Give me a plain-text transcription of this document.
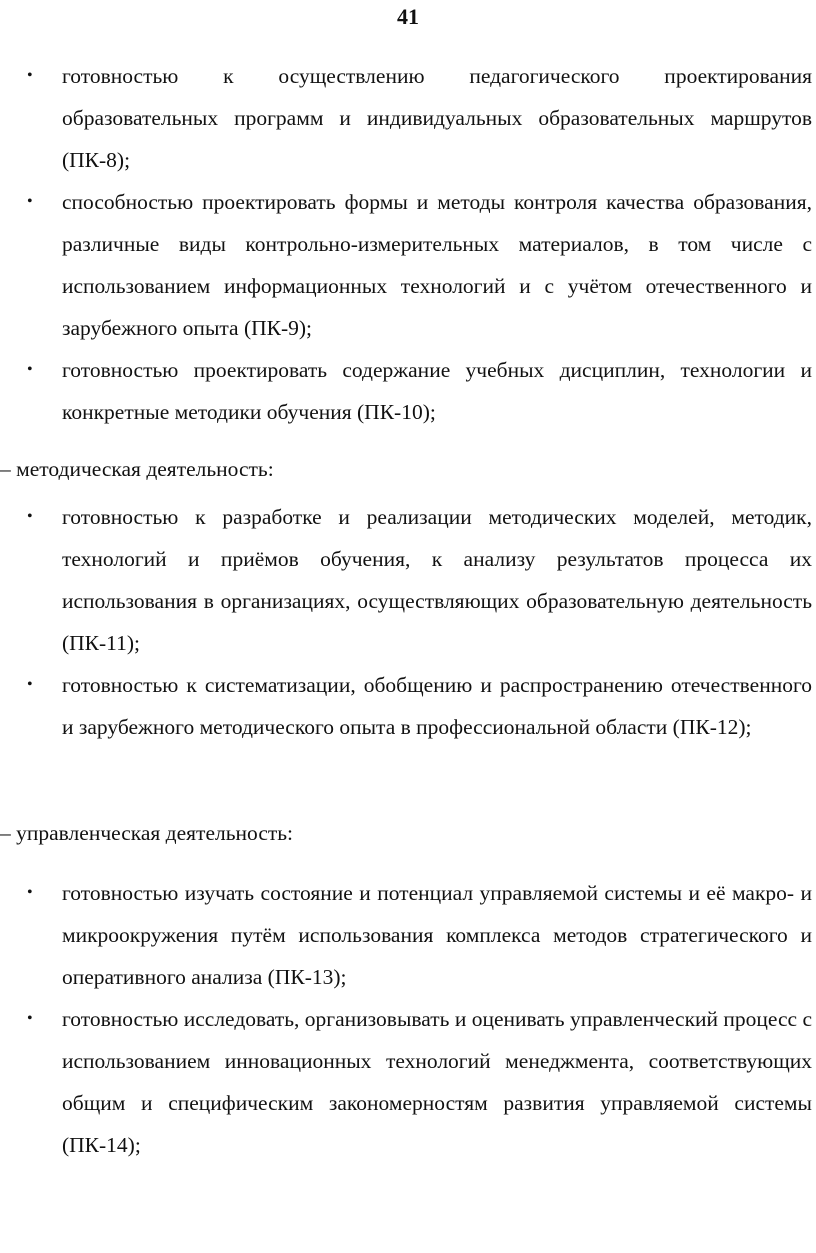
41
• готовностью к осуществлению педагогического проектирования образовательных программ и индивидуальных образовательных маршрутов (ПК-8);
• способностью проектировать формы и методы контроля качества образования, различные виды контрольно-измерительных материалов, в том числе с использованием информационных технологий и с учётом отечественного и зарубежного опыта (ПК-9);
• готовностью проектировать содержание учебных дисциплин, технологии и конкретные методики обучения (ПК-10);
– методическая деятельность:
• готовностью к разработке и реализации методических моделей, методик, технологий и приёмов обучения, к анализу результатов процесса их использования в организациях, осуществляющих образовательную деятельность (ПК-11);
• готовностью к систематизации, обобщению и распространению отечественного и зарубежного методического опыта в профессиональной области (ПК-12);
– управленческая деятельность:
• готовностью изучать состояние и потенциал управляемой системы и её макро- и микроокружения путём использования комплекса методов стратегического и оперативного анализа (ПК-13);
• готовностью исследовать, организовывать и оценивать управленческий процесс с использованием инновационных технологий менеджмента, соответствующих общим и специфическим закономерностям развития управляемой системы (ПК-14);
